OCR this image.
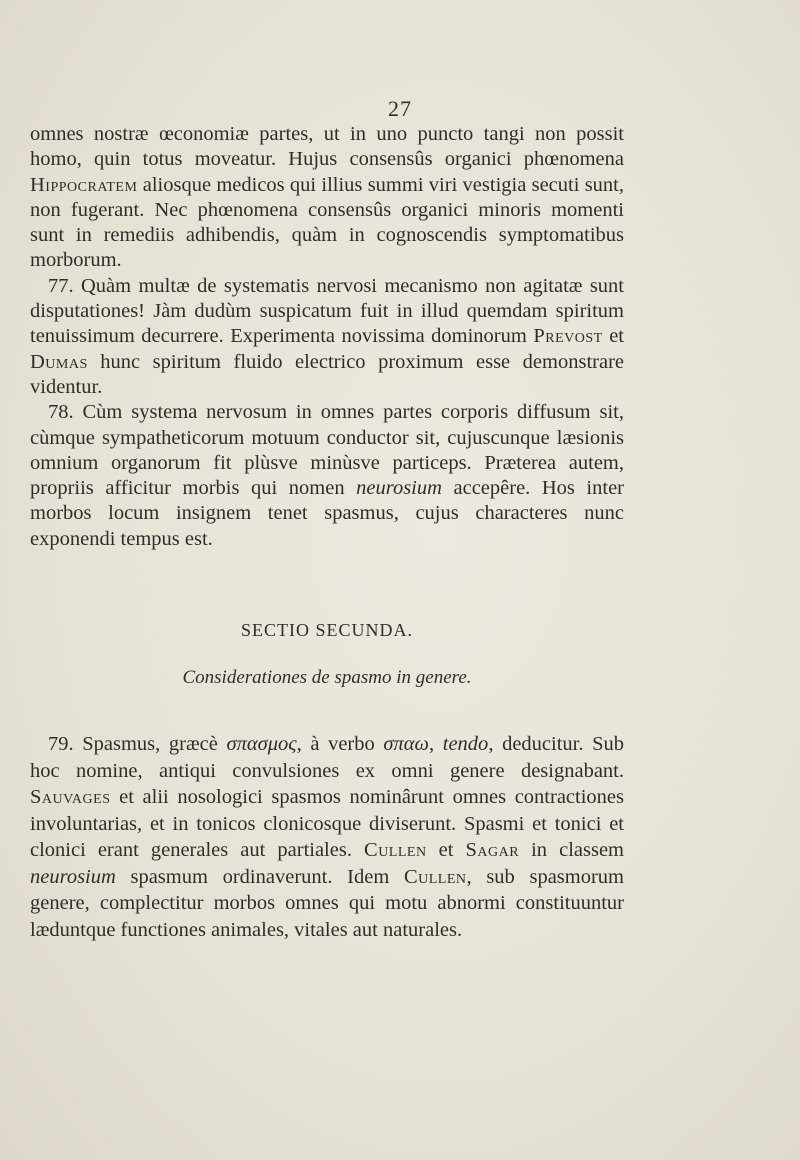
27

omnes nostræ œconomiæ partes, ut in uno puncto tangi non possit homo, quin totus moveatur. Hujus consensûs organici phœnomena Hippocratem aliosque medicos qui illius summi viri vestigia secuti sunt, non fugerant. Nec phœnomena consensûs organici minoris momenti sunt in remediis adhibendis, quàm in cognoscendis symptomatibus morborum.

77. Quàm multæ de systematis nervosi mecanismo non agitatæ sunt disputationes! Jàm dudùm suspicatum fuit in illud quemdam spiritum tenuissimum decurrere. Experimenta novissima dominorum Prevost et Dumas hunc spiritum fluido electrico proximum esse demonstrare videntur.

78. Cùm systema nervosum in omnes partes corporis diffusum sit, cùmque sympatheticorum motuum conductor sit, cujuscunque læsionis omnium organorum fit plùsve minùsve particeps. Præterea autem, propriis afficitur morbis qui nomen neurosium accepêre. Hos inter morbos locum insignem tenet spasmus, cujus characteres nunc exponendi tempus est.

SECTIO SECUNDA.
Considerationes de spasmo in genere.

79. Spasmus, græcè σπασμος, à verbo σπαω, tendo, deducitur. Sub hoc nomine, antiqui convulsiones ex omni genere designabant. Sauvages et alii nosologici spasmos nominârunt omnes contractiones involuntarias, et in tonicos clonicosque diviserunt. Spasmi et tonici et clonici erant generales aut partiales. Cullen et Sagar in classem neurosium spasmum ordinaverunt. Idem Cullen, sub spasmorum genere, complectitur morbos omnes qui motu abnormi constituuntur læduntque functiones animales, vitales aut naturales.
